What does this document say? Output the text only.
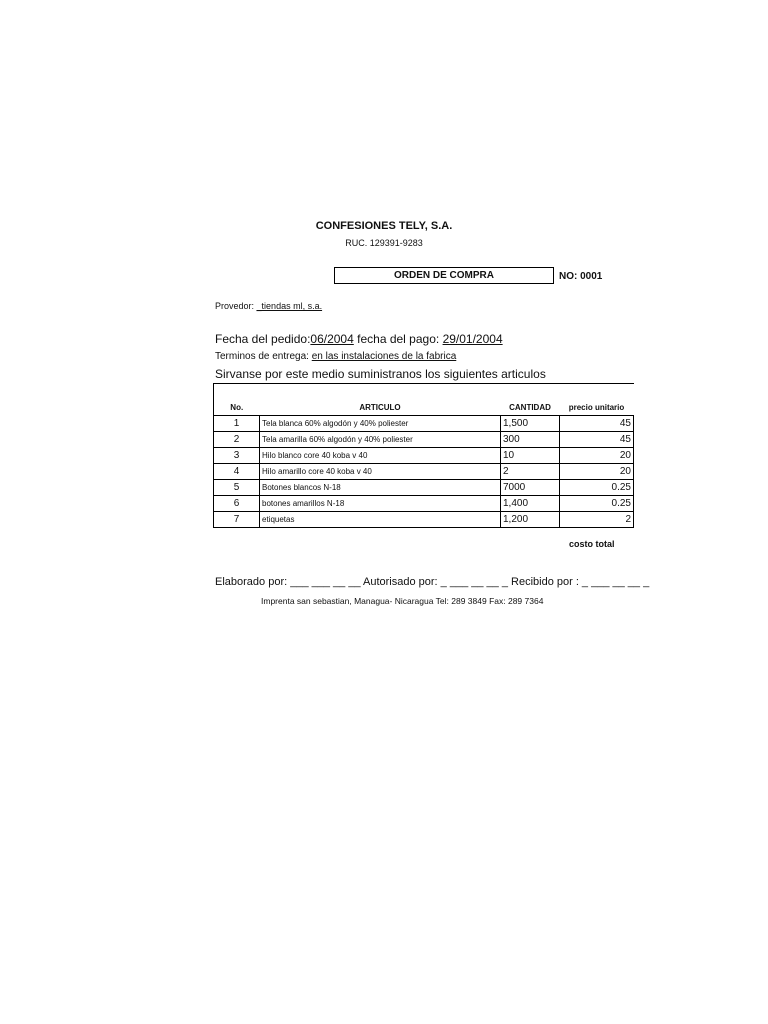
CONFESIONES TELY, S.A.
RUC. 129391-9283
ORDEN DE COMPRA	NO: 0001
Provedor: _tiendas ml, s.a.
Fecha del pedido:06/2004 fecha del pago: 29/01/2004
Terminos de entrega: en las instalaciones de la fabrica
Sirvanse por este medio suministranos los siguientes articulos
No.	ARTICULO	CANTIDAD	precio unitario
1	Tela blanca 60% algodón y 40% poliester	1,500	45
2	Tela amarilla 60% algodón y 40% poliester	300	45
3	Hilo blanco core 40 koba v 40	10	20
4	Hilo amarillo core 40 koba v 40	2	20
5	Botones blancos N-18	7000	0.25
6	botones amarillos N-18	1,400	0.25
7	etiquetas	1,200	2
costo total
Elaborado por: ___ ___ __ __ Autorisado por: _ ___ __ __ _ Recibido por : _ ___ __ __ _
Imprenta san sebastian, Managua- Nicaragua Tel: 289 3849 Fax: 289 7364
